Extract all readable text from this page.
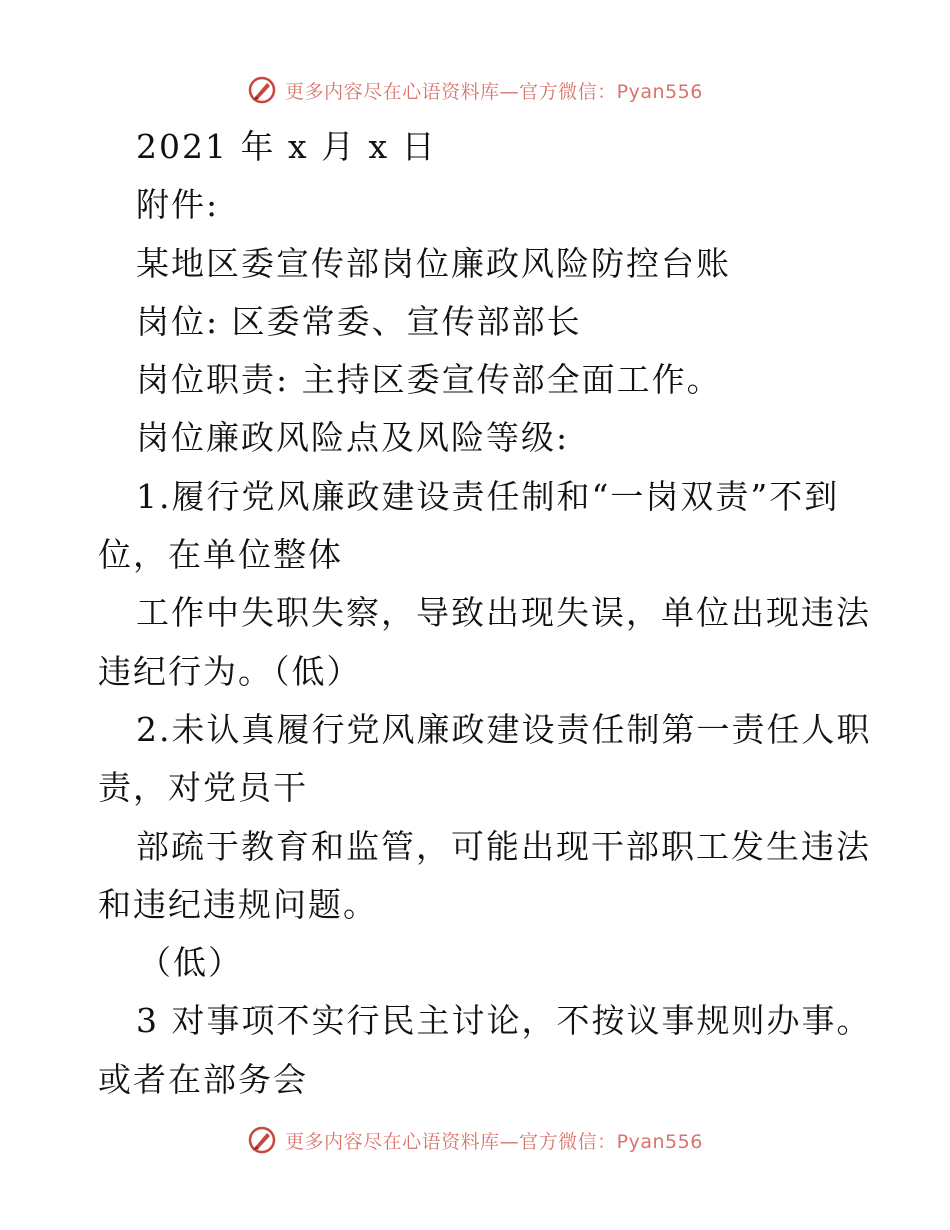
更多内容尽在心语资料库—官方微信：Pyan556
2021 年 x 月 x 日
附件:
某地区委宣传部岗位廉政风险防控台账
岗位: 区委常委、宣传部部长
岗位职责: 主持区委宣传部全面工作。
岗位廉政风险点及风险等级:
1.履行党风廉政建设责任制和“一岗双责”不到
位，在单位整体
工作中失职失察，导致出现失误，单位出现违法
违纪行为。（低）
2.未认真履行党风廉政建设责任制第一责任人职
责，对党员干
部疏于教育和监管，可能出现干部职工发生违法
和违纪违规问题。
（低）
3 对事项不实行民主讨论，不按议事规则办事。
或者在部务会
更多内容尽在心语资料库—官方微信：Pyan556
